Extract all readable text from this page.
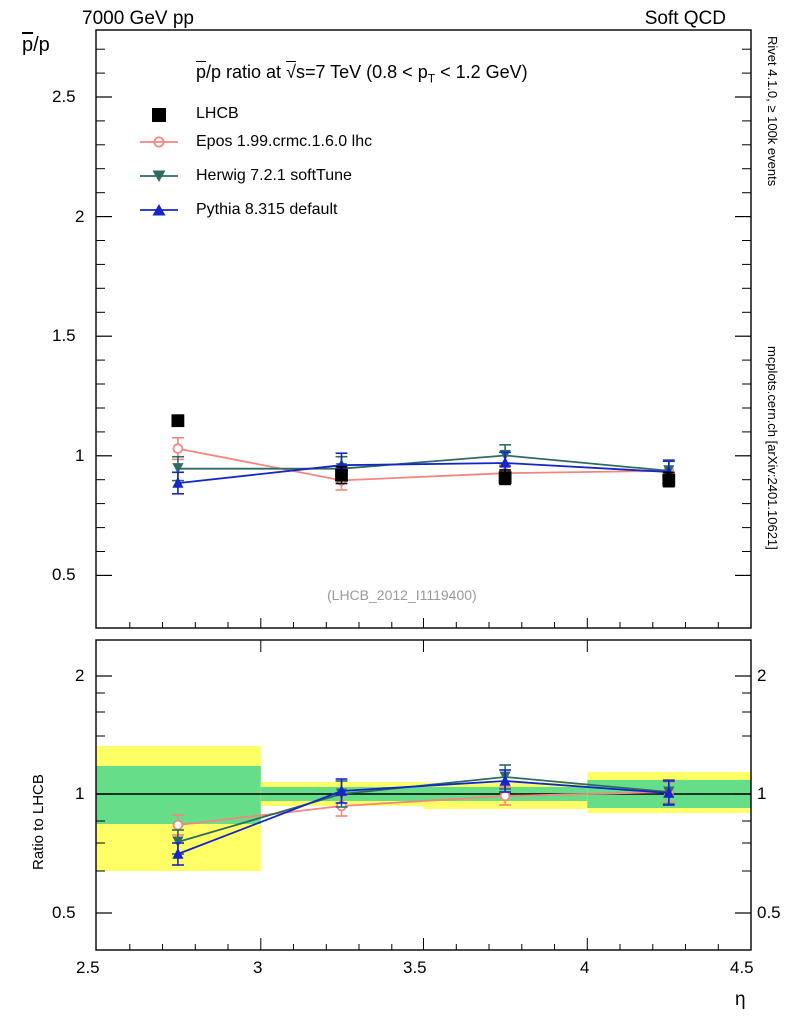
7000 GeV pp	Soft QCD
Rivet 4.1.0, ≥ 100k events
mcplots.cern.ch [arXiv:2401.10621]
0.5
1
1.5
2
2.5
$\overline{p}/p$
$\overline{p}/p$ ratio at √s=7 TeV ($0.8 < p_T < 1.2$ GeV)
LHCB
Epos 1.99.crmc.1.6.0 lhc
Herwig 7.2.1 softTune
Pythia 8.315 default
(LHCB_2012_I1119400)
0.5
1
2
0.5
1
2
Ratio to LHCB
2.5	3	3.5	4	4.5
η
